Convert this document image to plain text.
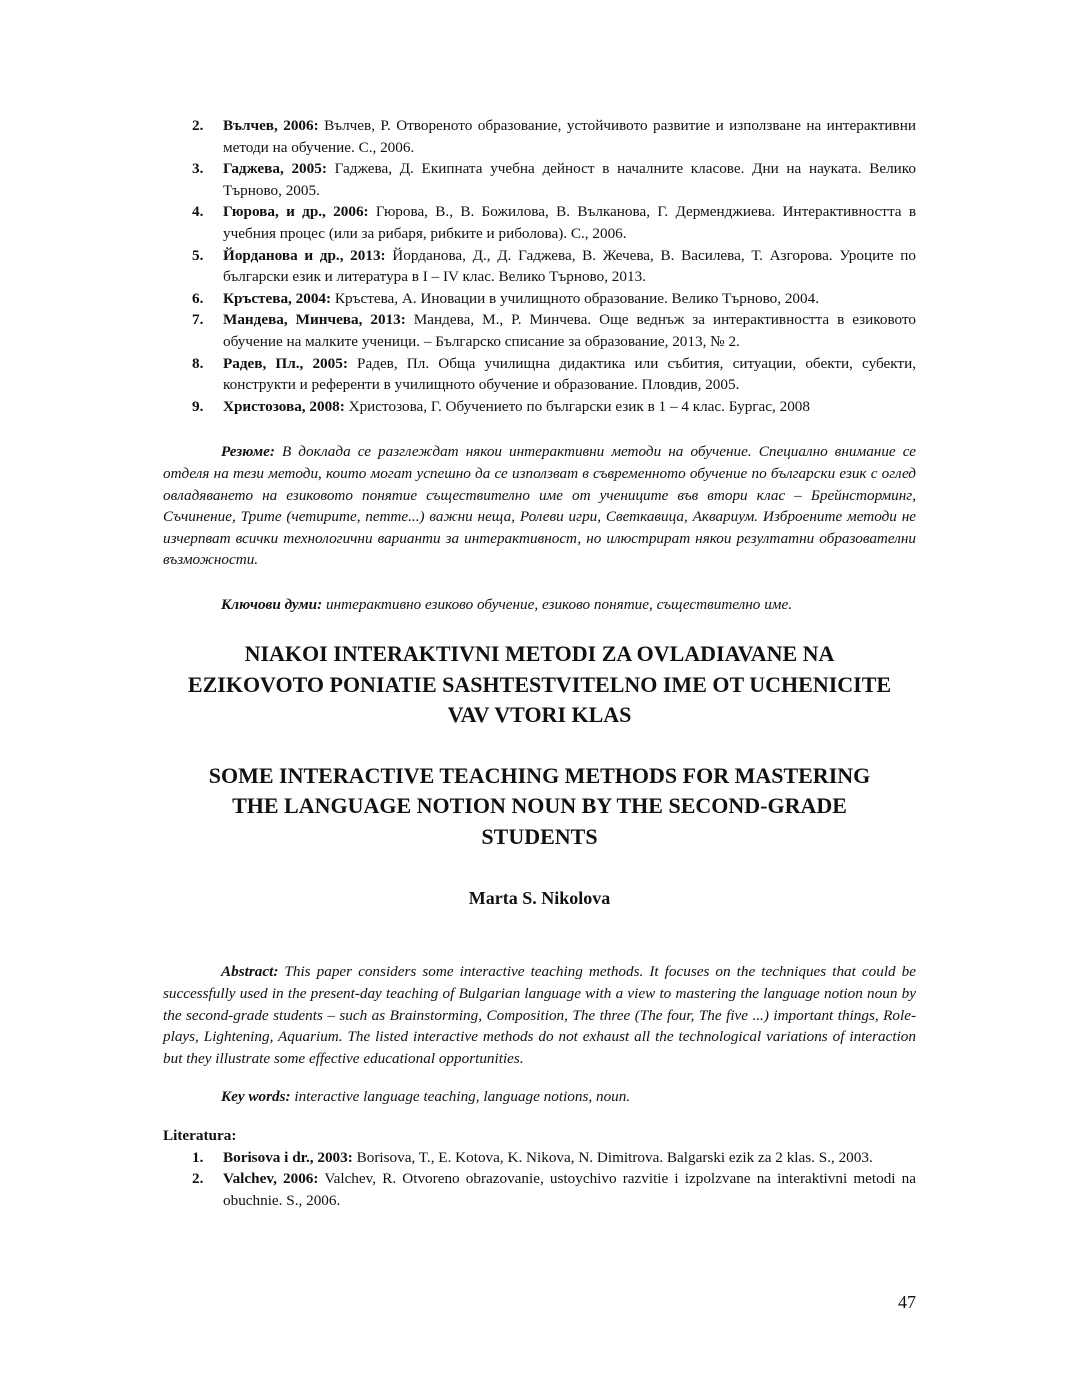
2. Вълчев, 2006: Вълчев, Р. Отвореното образование, устойчивото развитие и използване на интерактивни методи на обучение. С., 2006.
3. Гаджева, 2005: Гаджева, Д. Екипната учебна дейност в началните класове. Дни на науката. Велико Търново, 2005.
4. Гюрова, и др., 2006: Гюрова, В., В. Божилова, В. Вълканова, Г. Дерменджиева. Интерактивността в учебния процес (или за рибаря, рибките и риболова). С., 2006.
5. Йорданова и др., 2013: Йорданова, Д., Д. Гаджева, В. Жечева, В. Василева, Т. Азгорова. Уроците по български език и литература в I – IV клас. Велико Търново, 2013.
6. Кръстева, 2004: Кръстева, А. Иновации в училищното образование. Велико Търново, 2004.
7. Мандева, Минчева, 2013: Мандева, М., Р. Минчева. Още веднъж за интерактивността в езиковото обучение на малките ученици. – Българско списание за образование, 2013, № 2.
8. Радев, Пл., 2005: Радев, Пл. Обща училищна дидактика или събития, ситуации, обекти, субекти, конструкти и референти в училищното обучение и образование. Пловдив, 2005.
9. Христозова, 2008: Христозова, Г. Обучението по български език в 1 – 4 клас. Бургас, 2008

Резюме: В доклада се разглеждат някои интерактивни методи на обучение. Специално внимание се отделя на тези методи, които могат успешно да се използват в съвременното обучение по български език с оглед овладяването на езиковото понятие съществително име от учениците във втори клас – Брейнсторминг, Съчинение, Трите (четирите, петте...) важни неща, Ролеви игри, Светкавица, Аквариум. Изброените методи не изчерпват всички технологични варианти за интерактивност, но илюстрират някои резултатни образователни възможности.

Ключови думи: интерактивно езиково обучение, езиково понятие, съществително име.

NIAKOI INTERAKTIVNI METODI ZA OVLADIAVANE NA

EZIKOVOTO PONIATIE SASHTESTVITELNO IME OT UCHENICITE

VAV VTORI KLAS

SOME INTERACTIVE TEACHING METHODS FOR MASTERING

THE LANGUAGE NOTION NOUN BY THE SECOND-GRADE

STUDENTS

Marta S. Nikolova

Abstract: This paper considers some interactive teaching methods. It focuses on the techniques that could be successfully used in the present-day teaching of Bulgarian language with a view to mastering the language notion noun by the second-grade students – such as Brainstorming, Composition, The three (The four, The five ...) important things, Role-plays, Lightening, Aquarium. The listed interactive methods do not exhaust all the technological variations of interaction but they illustrate some effective educational opportunities.

Key words: interactive language teaching, language notions, noun.

Literatura:

1. Borisova i dr., 2003: Borisova, T., E. Kotova, K. Nikova, N. Dimitrova. Balgarski ezik za 2 klas. S., 2003.
2. Valchev, 2006: Valchev, R. Otvoreno obrazovanie, ustoychivo razvitie i izpolzvane na interaktivni metodi na obuchnie. S., 2006.
47
